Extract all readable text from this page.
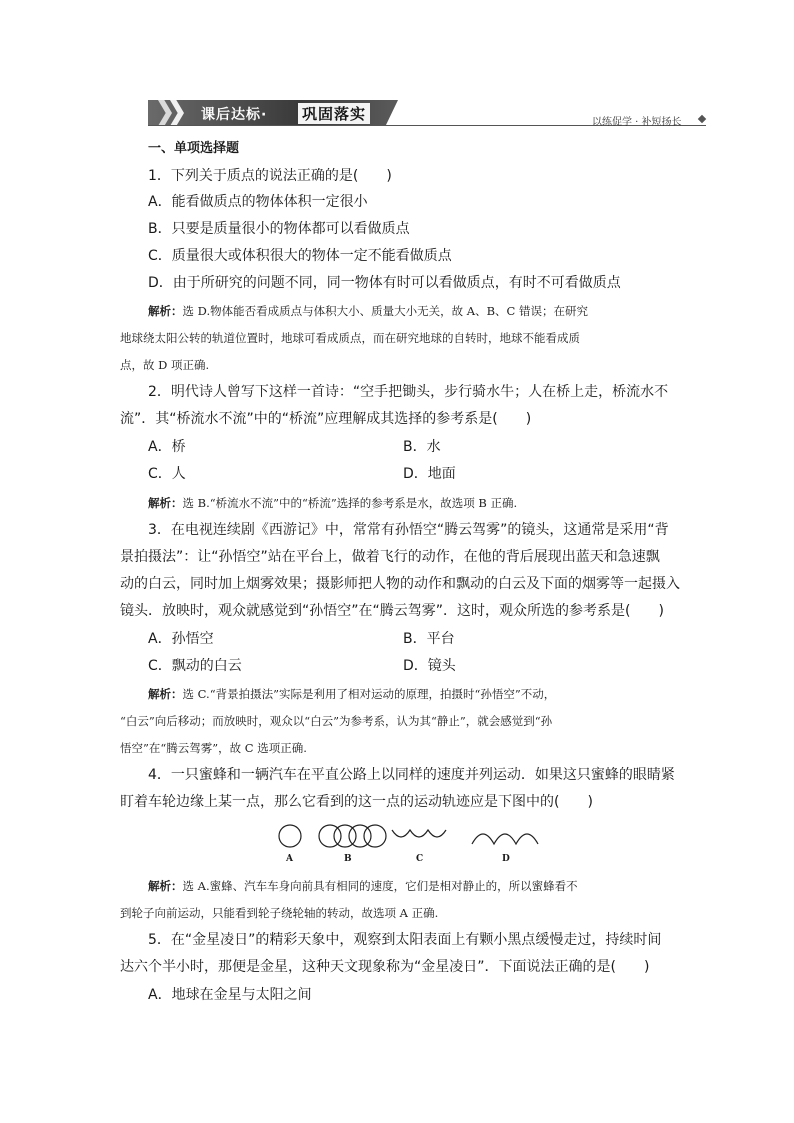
课后达标· 巩固落实	以练促学 · 补短扬长
一、单项选择题
1．下列关于质点的说法正确的是(　　)
A．能看做质点的物体体积一定很小
B．只要是质量很小的物体都可以看做质点
C．质量很大或体积很大的物体一定不能看做质点
D．由于所研究的问题不同，同一物体有时可以看做质点，有时不可看做质点
解析：选 D.物体能否看成质点与体积大小、质量大小无关，故 A、B、C 错误；在研究
地球绕太阳公转的轨道位置时，地球可看成质点，而在研究地球的自转时，地球不能看成质
点，故 D 项正确.
2．明代诗人曾写下这样一首诗：“空手把锄头，步行骑水牛；人在桥上走，桥流水不
流”．其“桥流水不流”中的“桥流”应理解成其选择的参考系是(　　)
A．桥	B．水
C．人	D．地面
解析：选 B.“桥流水不流”中的“桥流”选择的参考系是水，故选项 B 正确.
3．在电视连续剧《西游记》中，常常有孙悟空“腾云驾雾”的镜头，这通常是采用“背
景拍摄法”：让“孙悟空”站在平台上，做着飞行的动作，在他的背后展现出蓝天和急速飘
动的白云，同时加上烟雾效果；摄影师把人物的动作和飘动的白云及下面的烟雾等一起摄入
镜头．放映时，观众就感觉到“孙悟空”在“腾云驾雾”．这时，观众所选的参考系是(　　)
A．孙悟空	B．平台
C．飘动的白云	D．镜头
解析：选 C.“背景拍摄法”实际是利用了相对运动的原理，拍摄时“孙悟空”不动，
“白云”向后移动；而放映时，观众以“白云”为参考系，认为其“静止”，就会感觉到“孙
悟空”在“腾云驾雾”，故 C 选项正确.
4．一只蜜蜂和一辆汽车在平直公路上以同样的速度并列运动．如果这只蜜蜂的眼睛紧
盯着车轮边缘上某一点，那么它看到的这一点的运动轨迹应是下图中的(　　)
A	B	C	D
解析：选 A.蜜蜂、汽车车身向前具有相同的速度，它们是相对静止的，所以蜜蜂看不
到轮子向前运动，只能看到轮子绕轮轴的转动，故选项 A 正确.
5．在“金星凌日”的精彩天象中，观察到太阳表面上有颗小黑点缓慢走过，持续时间
达六个半小时，那便是金星，这种天文现象称为“金星凌日”．下面说法正确的是(　　)
A．地球在金星与太阳之间
